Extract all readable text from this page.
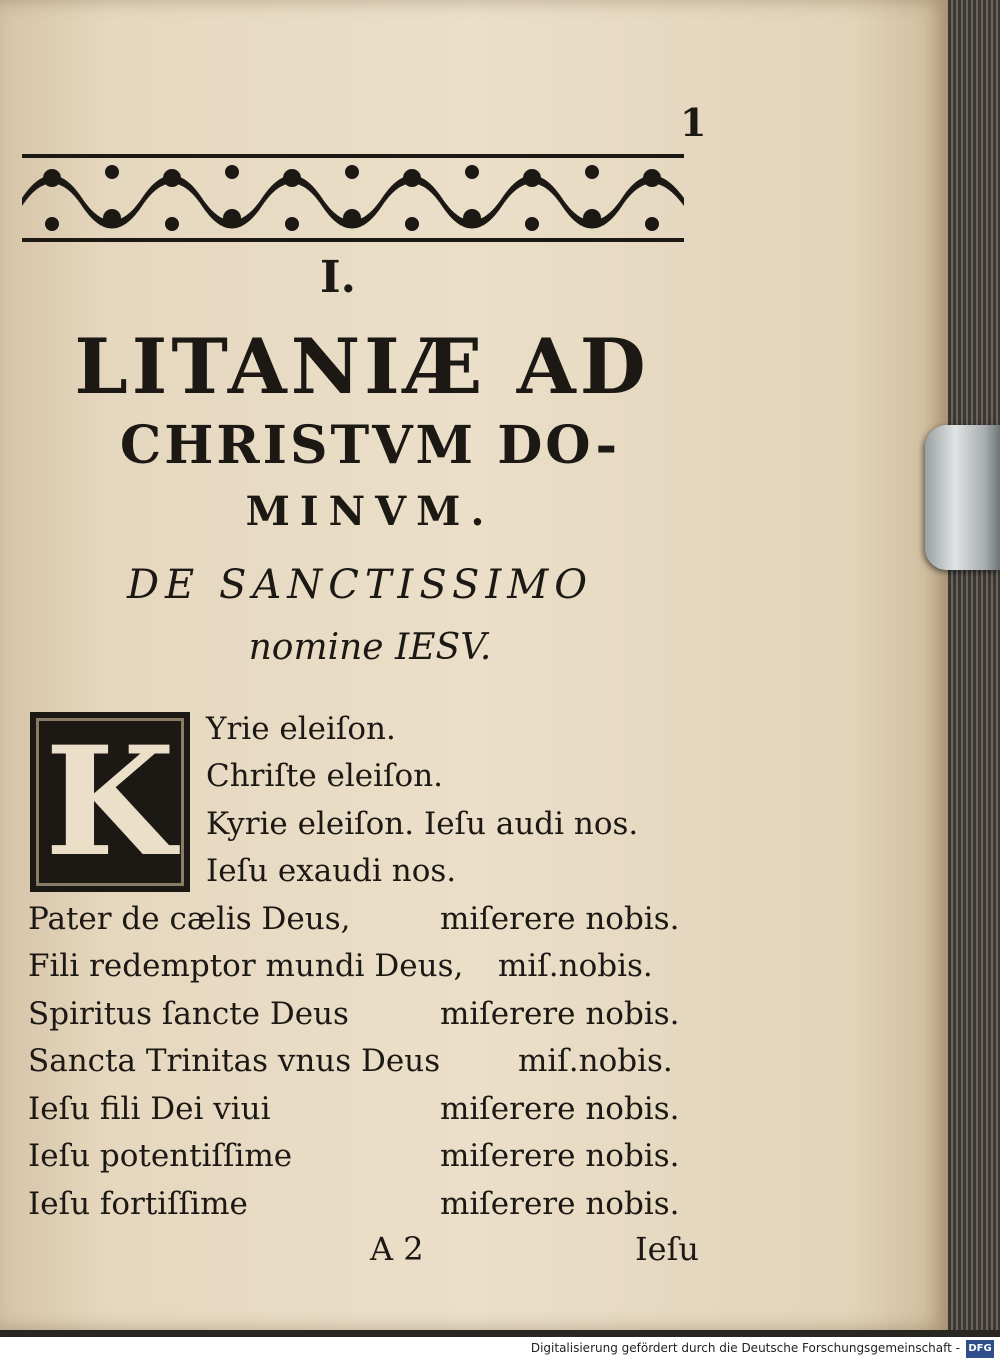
1
I.
LITANIÆ AD
CHRISTVM DO-
MINVM.
DE SANCTISSIMO
nomine IESV.
K Yrie eleiſon.
Chriſte eleiſon.
Kyrie eleiſon. Ieſu audi nos.
Ieſu exaudi nos.
Pater de cælis Deus,	miſerere nobis.
Fili redemptor mundi Deus, miſ.nobis.
Spiritus ſancte Deus	miſerere nobis.
Sancta Trinitas vnus Deus	miſ.nobis.
Ieſu fili Dei viui	miſerere nobis.
Ieſu potentiſſime	miſerere nobis.
Ieſu fortiſſime	miſerere nobis.
A 2	Ieſu
Digitalisierung gefördert durch die Deutsche Forschungsgemeinschaft - DFG
